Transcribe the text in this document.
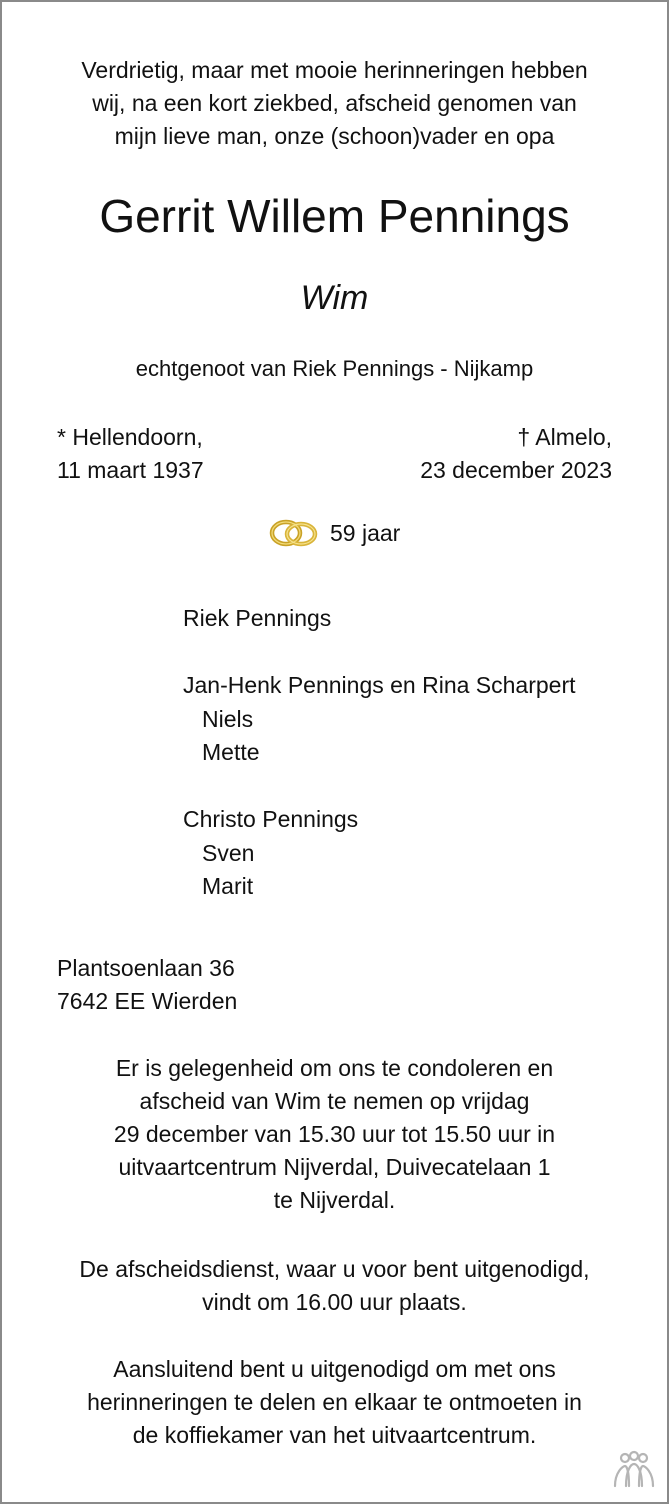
Verdrietig, maar met mooie herinneringen hebben
wij, na een kort ziekbed, afscheid genomen van
mijn lieve man, onze (schoon)vader en opa
Gerrit Willem Pennings
Wim
echtgenoot van Riek Pennings - Nijkamp
* Hellendoorn,
11 maart 1937
† Almelo,
23 december 2023
59 jaar
Riek Pennings
Jan-Henk Pennings en Rina Scharpert
Niels
Mette
Christo Pennings
Sven
Marit
Plantsoenlaan 36
7642 EE Wierden
Er is gelegenheid om ons te condoleren en
afscheid van Wim te nemen op vrijdag
29 december van 15.30 uur tot 15.50 uur in
uitvaartcentrum Nijverdal, Duivecatelaan 1
te Nijverdal.
De afscheidsdienst, waar u voor bent uitgenodigd,
vindt om 16.00 uur plaats.
Aansluitend bent u uitgenodigd om met ons
herinneringen te delen en elkaar te ontmoeten in
de koffiekamer van het uitvaartcentrum.
